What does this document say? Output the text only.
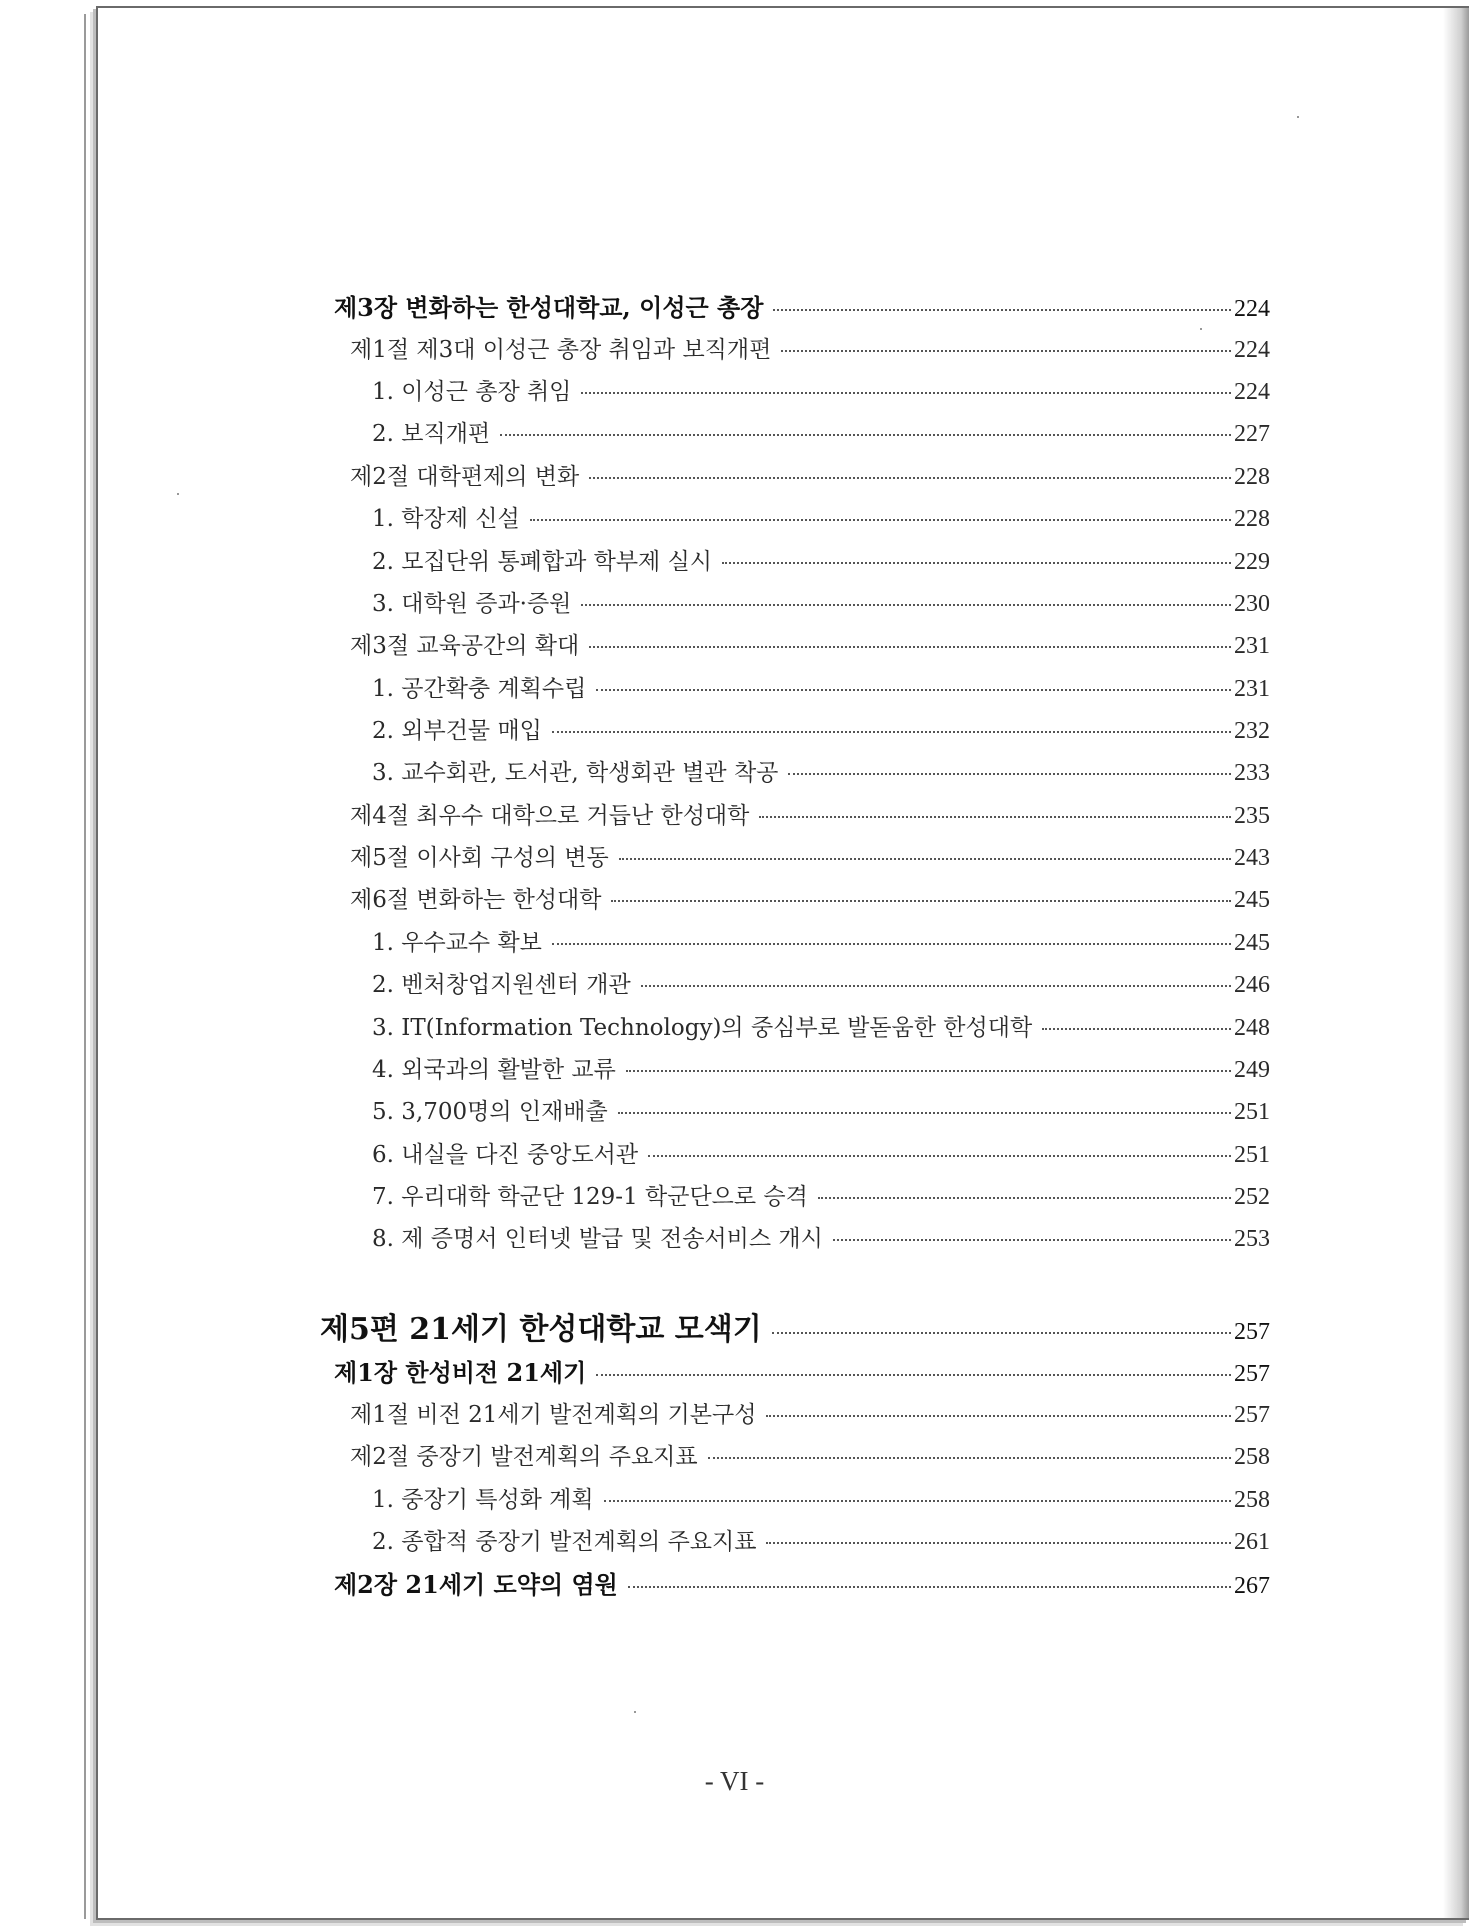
제3장 변화하는 한성대학교, 이성근 총장	224
제1절 제3대 이성근 총장 취임과 보직개편	224
1. 이성근 총장 취임	224
2. 보직개편	227
제2절 대학편제의 변화	228
1. 학장제 신설	228
2. 모집단위 통폐합과 학부제 실시	229
3. 대학원 증과·증원	230
제3절 교육공간의 확대	231
1. 공간확충 계획수립	231
2. 외부건물 매입	232
3. 교수회관, 도서관, 학생회관 별관 착공	233
제4절 최우수 대학으로 거듭난 한성대학	235
제5절 이사회 구성의 변동	243
제6절 변화하는 한성대학	245
1. 우수교수 확보	245
2. 벤처창업지원센터 개관	246
3. IT(Information Technology)의 중심부로 발돋움한 한성대학	248
4. 외국과의 활발한 교류	249
5. 3,700명의 인재배출	251
6. 내실을 다진 중앙도서관	251
7. 우리대학 학군단 129-1 학군단으로 승격	252
8. 제 증명서 인터넷 발급 및 전송서비스 개시	253
제5편 21세기 한성대학교 모색기	257
제1장 한성비전 21세기	257
제1절 비전 21세기 발전계획의 기본구성	257
제2절 중장기 발전계획의 주요지표	258
1. 중장기 특성화 계획	258
2. 종합적 중장기 발전계획의 주요지표	261
제2장 21세기 도약의 염원	267
- VI -
